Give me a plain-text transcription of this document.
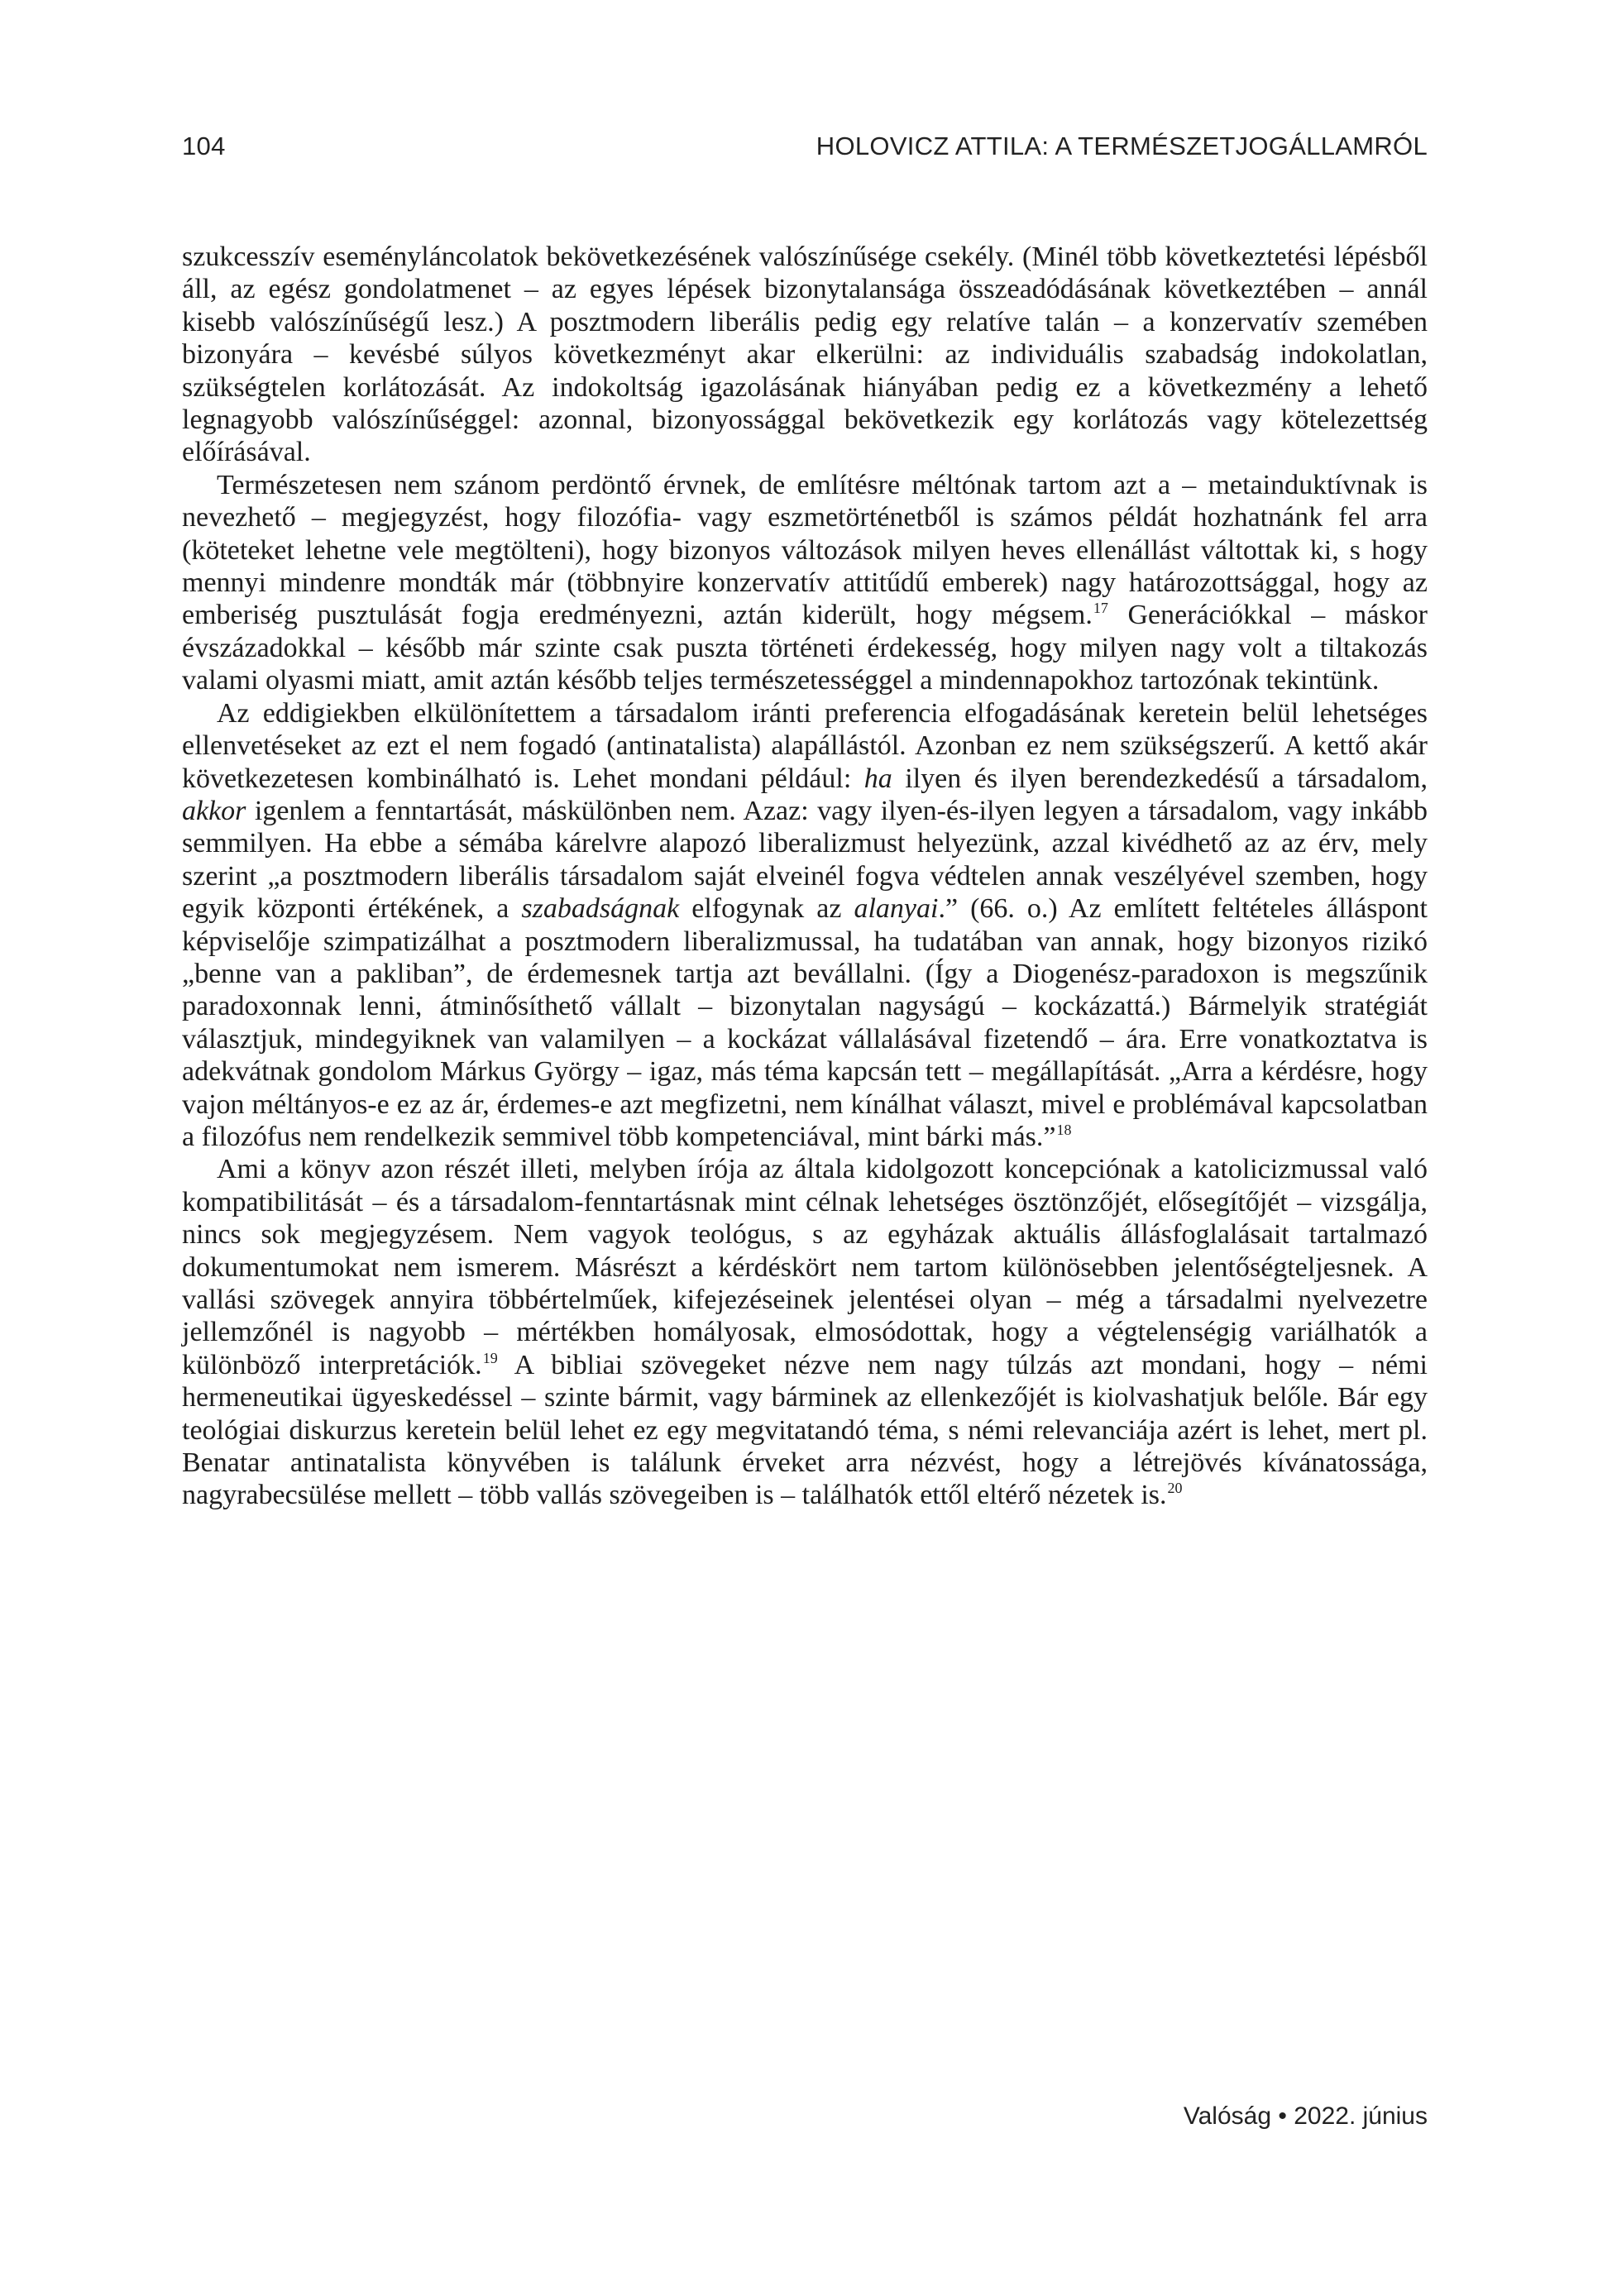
104	HOLOVICZ ATTILA: A TERMÉSZETJOGÁLLAMRÓL

szukcesszív eseményláncolatok bekövetkezésének valószínűsége csekély. (Minél több következtetési lépésből áll, az egész gondolatmenet – az egyes lépések bizonytalansága összeadódásának következtében – annál kisebb valószínűségű lesz.) A posztmodern liberális pedig egy relatíve talán – a konzervatív szemében bizonyára – kevésbé súlyos következményt akar elkerülni: az individuális szabadság indokolatlan, szükségtelen korlátozását. Az indokoltság igazolásának hiányában pedig ez a következmény a lehető legnagyobb valószínűséggel: azonnal, bizonyossággal bekövetkezik egy korlátozás vagy kötelezettség előírásával.

Természetesen nem szánom perdöntő érvnek, de említésre méltónak tartom azt a – metainduktívnak is nevezhető – megjegyzést, hogy filozófia- vagy eszmetörténetből is számos példát hozhatnánk fel arra (köteteket lehetne vele megtölteni), hogy bizonyos változások milyen heves ellenállást váltottak ki, s hogy mennyi mindenre mondták már (többnyire konzervatív attitűdű emberek) nagy határozottsággal, hogy az emberiség pusztulását fogja eredményezni, aztán kiderült, hogy mégsem.$^{17}$ Generációkkal – máskor évszázadokkal – később már szinte csak puszta történeti érdekesség, hogy milyen nagy volt a tiltakozás valami olyasmi miatt, amit aztán később teljes természetességgel a mindennapokhoz tartozónak tekintünk.

Az eddigiekben elkülönítettem a társadalom iránti preferencia elfogadásának keretein belül lehetséges ellenvetéseket az ezt el nem fogadó (antinatalista) alapállástól. Azonban ez nem szükségszerű. A kettő akár következetesen kombinálható is. Lehet mondani például: ha ilyen és ilyen berendezkedésű a társadalom, akkor igenlem a fenntartását, máskülönben nem. Azaz: vagy ilyen-és-ilyen legyen a társadalom, vagy inkább semmilyen. Ha ebbe a sémába kárelvre alapozó liberalizmust helyezünk, azzal kivédhető az az érv, mely szerint „a posztmodern liberális társadalom saját elveinél fogva védtelen annak veszélyével szemben, hogy egyik központi értékének, a szabadságnak elfogynak az alanyai.” (66. o.) Az említett feltételes álláspont képviselője szimpatizálhat a posztmodern liberalizmussal, ha tudatában van annak, hogy bizonyos rizikó „benne van a pakliban”, de érdemesnek tartja azt bevállalni. (Így a Diogenész-paradoxon is megszűnik paradoxonnak lenni, átminősíthető vállalt – bizonytalan nagyságú – kockázattá.) Bármelyik stratégiát választjuk, mindegyiknek van valamilyen – a kockázat vállalásával fizetendő – ára. Erre vonatkoztatva is adekvátnak gondolom Márkus György – igaz, más téma kapcsán tett – megállapítását. „Arra a kérdésre, hogy vajon méltányos-e ez az ár, érdemes-e azt megfizetni, nem kínálhat választ, mivel e problémával kapcsolatban a filozófus nem rendelkezik semmivel több kompetenciával, mint bárki más.”$^{18}$

Ami a könyv azon részét illeti, melyben írója az általa kidolgozott koncepciónak a katolicizmussal való kompatibilitását – és a társadalom-fenntartásnak mint célnak lehetséges ösztönzőjét, elősegítőjét – vizsgálja, nincs sok megjegyzésem. Nem vagyok teológus, s az egyházak aktuális állásfoglalásait tartalmazó dokumentumokat nem ismerem. Másrészt a kérdéskört nem tartom különösebben jelentőségteljesnek. A vallási szövegek annyira többértelműek, kifejezéseinek jelentései olyan – még a társadalmi nyelvezetre jellemzőnél is nagyobb – mértékben homályosak, elmosódottak, hogy a végtelenségig variálhatók a különböző interpretációk.$^{19}$ A bibliai szövegeket nézve nem nagy túlzás azt mondani, hogy – némi hermeneutikai ügyeskedéssel – szinte bármit, vagy bárminek az ellenkezőjét is kiolvashatjuk belőle. Bár egy teológiai diskurzus keretein belül lehet ez egy megvitatandó téma, s némi relevanciája azért is lehet, mert pl. Benatar antinatalista könyvében is találunk érveket arra nézvést, hogy a létrejövés kívánatossága, nagyrabecsülése mellett – több vallás szövegeiben is – találhatók ettől eltérő nézetek is.$^{20}$

Valóság • 2022. június
